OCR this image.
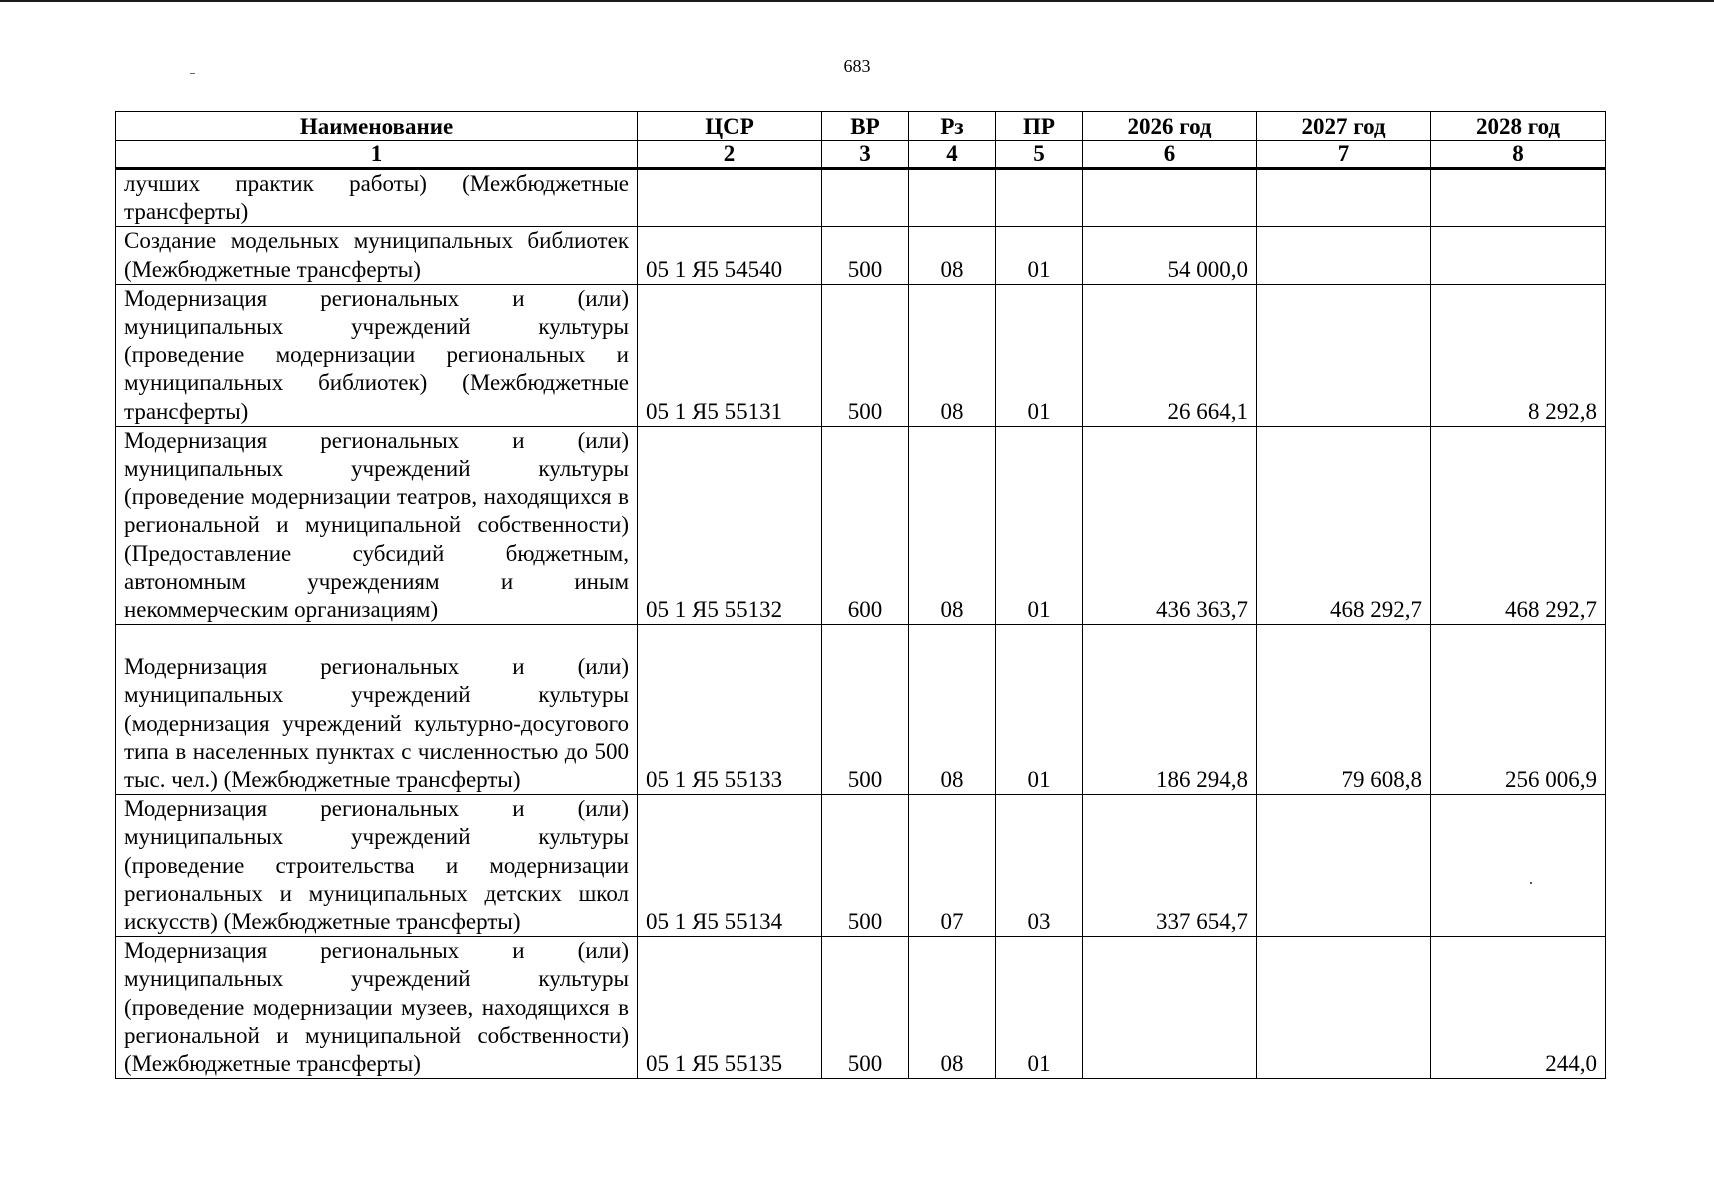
683
Наименование	ЦСР	ВР	Рз	ПР	2026 год	2027 год	2028 год
1	2	3	4	5	6	7	8
лучших практик работы) (Межбюджетные трансферты)							
Создание модельных муниципальных библиотек (Межбюджетные трансферты)	05 1 Я5 54540	500	08	01	54 000,0		
Модернизация региональных и (или) муниципальных учреждений культуры (проведение модернизации региональных и муниципальных библиотек) (Межбюджетные трансферты)	05 1 Я5 55131	500	08	01	26 664,1		8 292,8
Модернизация региональных и (или) муниципальных учреждений культуры (проведение модернизации театров, находящихся в региональной и муниципальной собственности) (Предоставление субсидий бюджетным, автономным учреждениям и иным некоммерческим организациям)	05 1 Я5 55132	600	08	01	436 363,7	468 292,7	468 292,7
Модернизация региональных и (или) муниципальных учреждений культуры (модернизация учреждений культурно-досугового типа в населенных пунктах с численностью до 500 тыс. чел.) (Межбюджетные трансферты)	05 1 Я5 55133	500	08	01	186 294,8	79 608,8	256 006,9
Модернизация региональных и (или) муниципальных учреждений культуры (проведение строительства и модернизации региональных и муниципальных детских школ искусств) (Межбюджетные трансферты)	05 1 Я5 55134	500	07	03	337 654,7		
Модернизация региональных и (или) муниципальных учреждений культуры (проведение модернизации музеев, находящихся в региональной и муниципальной собственности) (Межбюджетные трансферты)	05 1 Я5 55135	500	08	01			244,0
